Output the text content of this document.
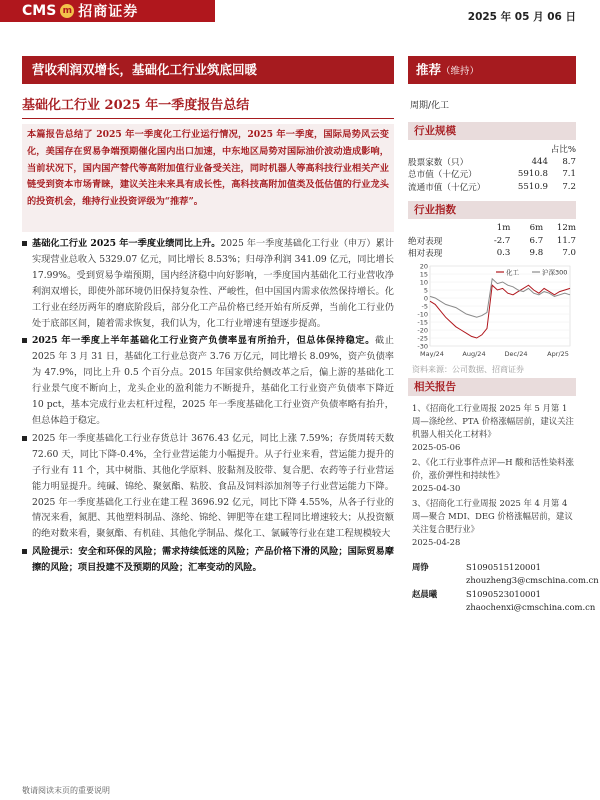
CMS m 招商证券	2025 年 05 月 06 日
营收利润双增长，基础化工行业筑底回暖	推荐（维持）
基础化工行业 2025 年一季度报告总结	周期/化工
本篇报告总结了 2025 年一季度化工行业运行情况，2025 年一季度，国际局势风云变化，美国存在贸易争端预期催化国内出口加速，中东地区局势对国际油价波动造成影响，当前状况下，国内国产替代等高附加值行业备受关注，同时机器人等高科技行业相关产业链受到资本市场青睐，建议关注未来具有成长性，高科技高附加值类及低估值的行业龙头的投资机会，维持行业投资评级为“推荐”。
基础化工行业 2025 年一季度业绩同比上升。2025 年一季度基础化工行业（申万）累计实现营业总收入 5329.07 亿元，同比增长 8.53%；归母净利润 341.09 亿元，同比增长 17.99%。受到贸易争端预期，国内经济稳中向好影响，一季度国内基础化工行业营收净利润双增长，即使外部环境仍旧保持复杂性、严峻性，但中国国内需求依然保持增长。化工行业在经历两年的磨底阶段后，部分化工产品价格已经开始有所反弹，当前化工行业仍处于底部区间，随着需求恢复，我们认为，化工行业增速有望逐步提高。
2025 年一季度上半年基础化工行业资产负债率显有所抬升，但总体保持稳定。截止 2025 年 3 月 31 日，基础化工行业总资产 3.76 万亿元，同比增长 8.09%，资产负债率为 47.9%，同比上升 0.5 个百分点。2015 年国家供给侧改革之后，偏上游的基础化工行业景气度不断向上，龙头企业的盈利能力不断提升，基础化工行业资产负债率下降近 10 pct，基本完成行业去杠杆过程，2025 年一季度基础化工行业资产负债率略有抬升，但总体趋于稳定。
2025 年一季度基础化工行业存货总计 3676.43 亿元，同比上涨 7.59%；存货周转天数 72.60 天，同比下降-0.4%，全行业营运能力小幅提升。从子行业来看，营运能力提升的子行业有 11 个，其中树脂、其他化学原料、胶黏剂及胶带、复合肥、农药等子行业营运能力明显提升。纯碱、锦纶、聚氨酯、粘胶、食品及饲料添加剂等子行业营运能力下降。2025 年一季度基础化工行业在建工程 3696.92 亿元，同比下降 4.55%，从各子行业的情况来看，氮肥、其他塑料制品、涤纶、锦纶、钾肥等在建工程同比增速较大；从投资额的绝对数来看，聚氨酯、有机硅、其他化学制品、煤化工、氯碱等行业在建工程规模较大
风险提示：安全和环保的风险；需求持续低迷的风险；产品价格下滑的风险；国际贸易摩擦的风险；项目投建不及预期的风险；汇率变动的风险。
行业规模
占比%
股票家数（只）	444	8.7
总市值（十亿元）	5910.8	7.1
流通市值（十亿元）	5510.9	7.2
行业指数
1m	6m	12m
绝对表现	-2.7	6.7	11.7
相对表现	0.3	9.8	7.0
20
15
10
5
0
-5
-10
-15
-20
-25
-30
May/24	Aug/24	Dec/24	Apr/25
化工	沪深300
资料来源：公司数据、招商证券
相关报告
1、《招商化工行业周报 2025 年 5 月第 1 周—涤纶丝、PTA 价格涨幅居前，建议关注机器人相关化工材料》
2025-05-06
2、《化工行业事件点评—H 酸和活性染料涨价，涨价弹性和持续性》
2025-04-30
3、《招商化工行业周报 2025 年 4 月第 4 周—聚合 MDI、DEG 价格涨幅居前，建议关注复合肥行业》
2025-04-28
周铮	S1090515120001
zhouzheng3@cmschina.com.cn
赵晨曦	S1090523010001
zhaochenxi@cmschina.com.cn
敬请阅读末页的重要说明
